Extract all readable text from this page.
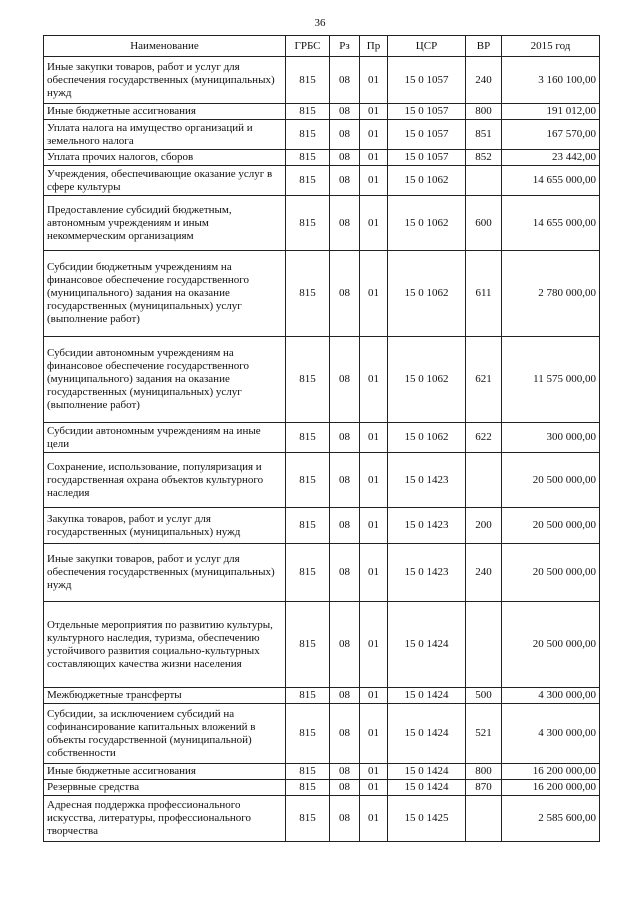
36
Наименование	ГРБС	Рз	Пр	ЦСР	ВР	2015 год
Иные закупки товаров, работ и услуг для обеспечения государственных (муниципальных) нужд	815	08	01	15 0 1057	240	3 160 100,00
Иные бюджетные ассигнования	815	08	01	15 0 1057	800	191 012,00
Уплата налога на имущество организаций и земельного налога	815	08	01	15 0 1057	851	167 570,00
Уплата прочих налогов, сборов	815	08	01	15 0 1057	852	23 442,00
Учреждения, обеспечивающие оказание услуг в сфере культуры	815	08	01	15 0 1062		14 655 000,00
Предоставление субсидий бюджетным, автономным учреждениям и иным некоммерческим организациям	815	08	01	15 0 1062	600	14 655 000,00
Субсидии бюджетным учреждениям на финансовое обеспечение государственного (муниципального) задания на оказание государственных (муниципальных) услуг (выполнение работ)	815	08	01	15 0 1062	611	2 780 000,00
Субсидии автономным учреждениям на финансовое обеспечение государственного (муниципального) задания на оказание государственных (муниципальных) услуг (выполнение работ)	815	08	01	15 0 1062	621	11 575 000,00
Субсидии автономным учреждениям на иные цели	815	08	01	15 0 1062	622	300 000,00
Сохранение, использование, популяризация и государственная охрана объектов культурного наследия	815	08	01	15 0 1423		20 500 000,00
Закупка товаров, работ и услуг для государственных (муниципальных) нужд	815	08	01	15 0 1423	200	20 500 000,00
Иные закупки товаров, работ и услуг для обеспечения государственных (муниципальных) нужд	815	08	01	15 0 1423	240	20 500 000,00
Отдельные мероприятия по развитию культуры, культурного наследия, туризма, обеспечению устойчивого развития социально-культурных составляющих качества жизни населения	815	08	01	15 0 1424		20 500 000,00
Межбюджетные трансферты	815	08	01	15 0 1424	500	4 300 000,00
Субсидии, за исключением субсидий на софинансирование капитальных вложений в объекты государственной (муниципальной) собственности	815	08	01	15 0 1424	521	4 300 000,00
Иные бюджетные ассигнования	815	08	01	15 0 1424	800	16 200 000,00
Резервные средства	815	08	01	15 0 1424	870	16 200 000,00
Адресная поддержка профессионального искусства, литературы, профессионального творчества	815	08	01	15 0 1425		2 585 600,00
